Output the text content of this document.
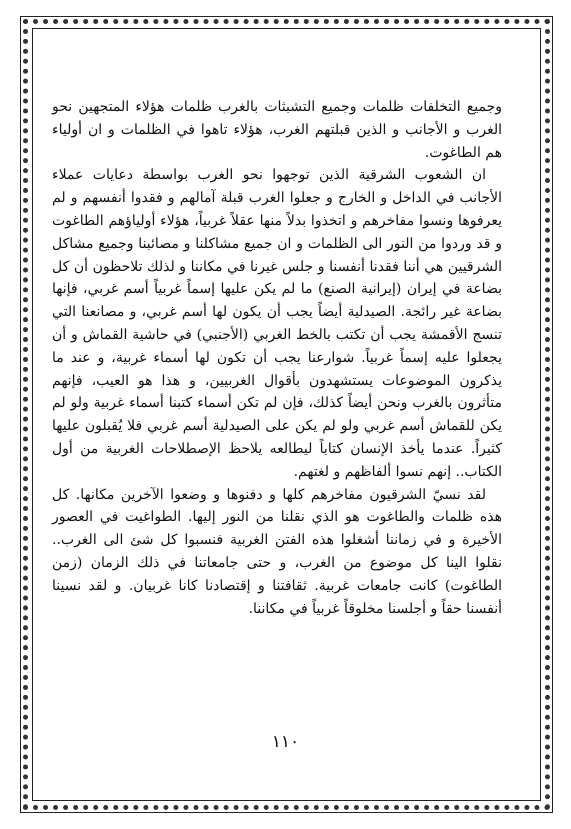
وجميع التخلفات ظلمات وجميع التشبثات بالغرب ظلمات هؤلاء المتجهين نحو الغرب و الأجانب و الذين قبلتهم الغرب، هؤلاء تاهوا في الظلمات و ان أولياء هم الطاغوت.

ان الشعوب الشرقية الذين توجهوا نحو الغرب بواسطة دعايات عملاء الأجانب في الداخل و الخارج و جعلوا الغرب قبلة آمالهم و فقدوا أنفسهم و لم يعرفوها ونسوا مفاخرهم و اتخذوا بدلاً منها عقلاً غربياً، هؤلاء أولياؤهم الطاغوت و قد وردوا من النور الى الظلمات و ان جميع مشاكلنا و مصائبنا وجميع مشاكل الشرقيين هي أننا فقدنا أنفسنا و جلس غيرنا في مكاننا و لذلك تلاحظون أن كل بضاعة في إيران (إيرانية الصنع) ما لم يكن عليها إسماً غربياً أسم غربي، فإنها بضاعة غير رائجة. الصيدلية أيضاً يجب أن يكون لها أسم غربي، و مصانعنا التي تنسج الأقمشة يجب أن تكتب بالخط الغربي (الأجنبي) في حاشية القماش و أن يجعلوا عليه إسماً غربياً. شوارعنا يجب أن تكون لها أسماء غربية، و عند ما يذكرون الموضوعات يستشهدون بأقوال الغربيين، و هذا هو العيب، فإنهم متأثرون بالغرب ونحن أيضاً كذلك، فإن لم تكن أسماء كتبنا أسماء غربية ولو لم يكن للقماش أسم غربي ولو لم يكن على الصيدلية أسم غربي فلا يُقبلون عليها كثيراً. عندما يأخذ الإنسان كتاباً ليطالعه يلاحظ الإصطلاحات الغربية من أول الكتاب.. إنهم نسوا ألفاظهم و لغتهم.

لقد نسيّ الشرقيون مفاخرهم كلها و دفنوها و وضعوا الآخرين مكانها. كل هذه ظلمات والطاغوت هو الذي نقلنا من النور إليها. الطواغيت في العصور الأخيرة و في زماننا أشغلوا هذه الفتن الغربية فنسبوا كل شئ الى الغرب.. نقلوا الينا كل موضوع من الغرب، و حتى جامعاتنا في ذلك الزمان (زمن الطاغوت) كانت جامعات غربية. ثقافتنا و إقتصادنا كانا غربيان. و لقد نسينا أنفسنا حقاً و أجلسنا مخلوقاً غربياً في مكاننا.

١١٠
